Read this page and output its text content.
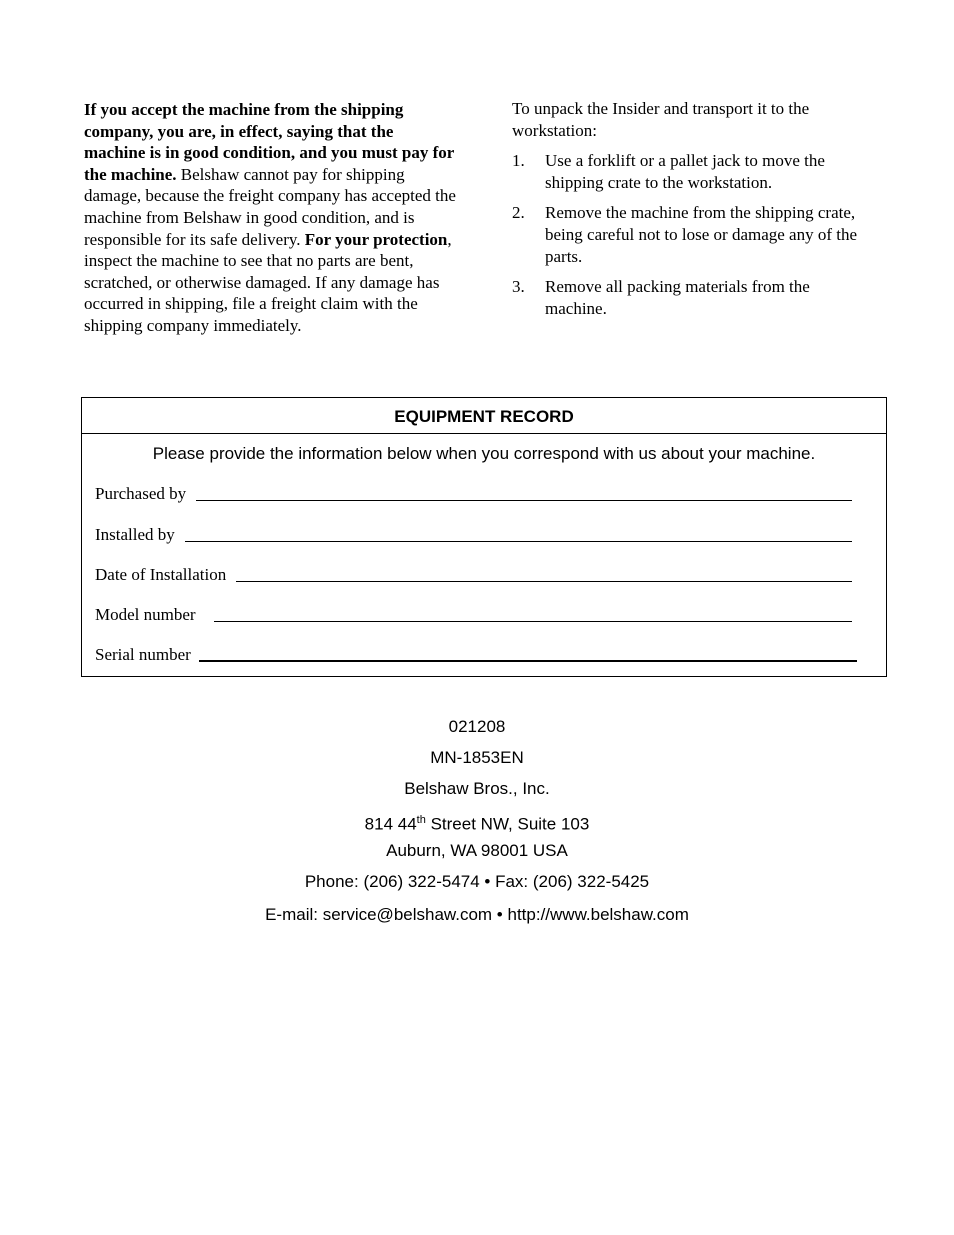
If you accept the machine from the shipping company, you are, in effect, saying that the machine is in good condition, and you must pay for the machine. Belshaw cannot pay for shipping damage, because the freight company has accepted the machine from Belshaw in good condition, and is responsible for its safe delivery. For your protection, inspect the machine to see that no parts are bent, scratched, or otherwise damaged. If any damage has occurred in shipping, file a freight claim with the shipping company immediately.

To unpack the Insider and transport it to the workstation:

1. Use a forklift or a pallet jack to move the shipping crate to the workstation.
2. Remove the machine from the shipping crate, being careful not to lose or damage any of the parts.
3. Remove all packing materials from the machine.
EQUIPMENT RECORD
Please provide the information below when you correspond with us about your machine.
Purchased by
Installed by
Date of Installation
Model number
Serial number
021208
MN-1853EN
Belshaw Bros., Inc.
814 44th Street NW, Suite 103
Auburn, WA 98001 USA
Phone: (206) 322-5474 • Fax: (206) 322-5425
E-mail: service@belshaw.com • http://www.belshaw.com
